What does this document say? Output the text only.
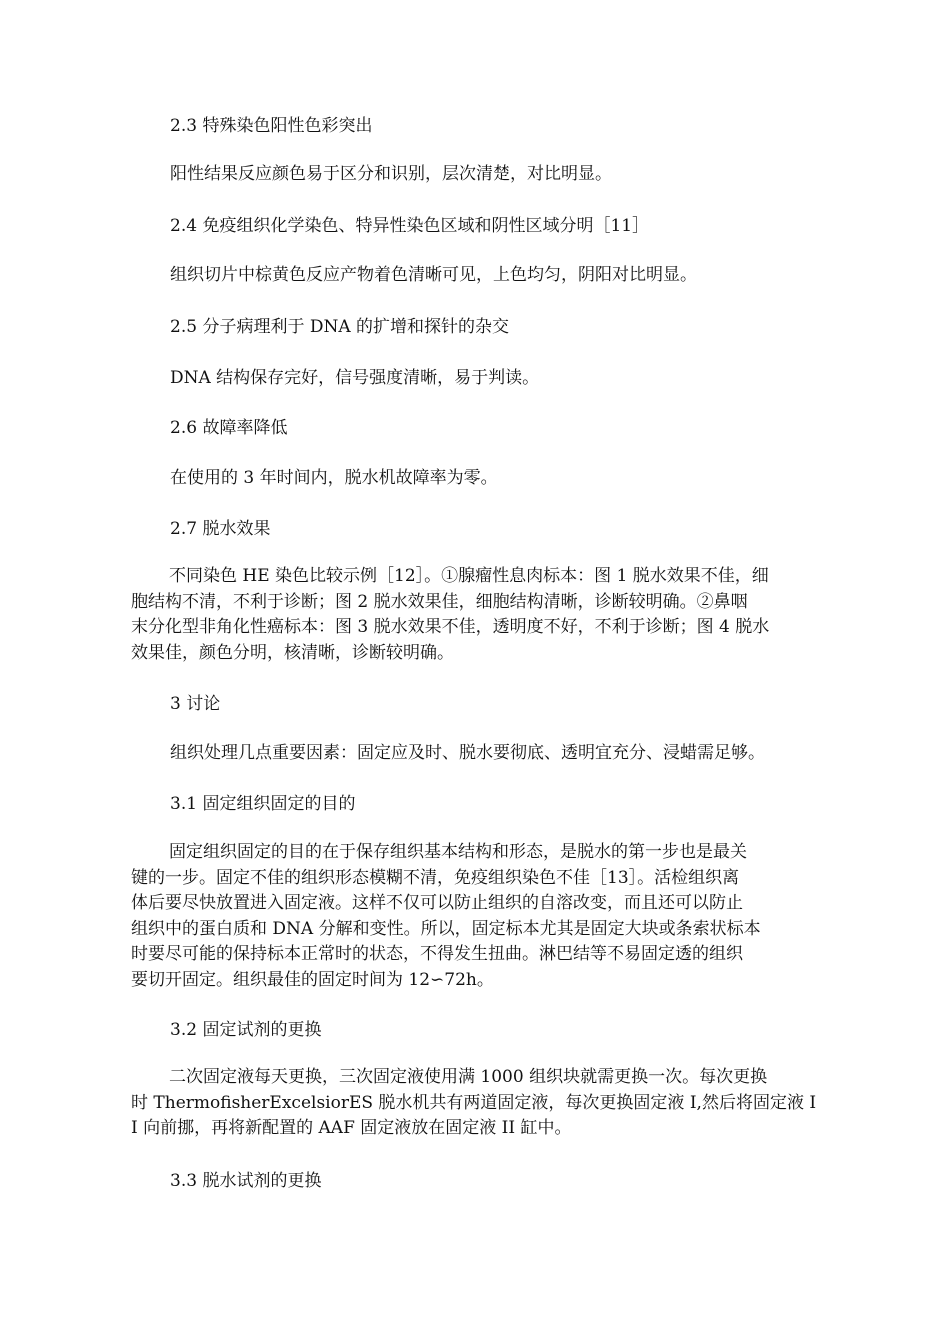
2.3 特殊染色阳性色彩突出
阳性结果反应颜色易于区分和识别，层次清楚，对比明显。
2.4 免疫组织化学染色、特异性染色区域和阴性区域分明［11］
组织切片中棕黄色反应产物着色清晰可见，上色均匀，阴阳对比明显。
2.5 分子病理利于 DNA 的扩增和探针的杂交
DNA 结构保存完好，信号强度清晰，易于判读。
2.6 故障率降低
在使用的 3 年时间内，脱水机故障率为零。
2.7 脱水效果
不同染色 HE 染色比较示例［12］。①腺瘤性息肉标本：图 1 脱水效果不佳，细
胞结构不清，不利于诊断；图 2 脱水效果佳，细胞结构清晰，诊断较明确。②鼻咽
末分化型非角化性癌标本：图 3 脱水效果不佳，透明度不好，不利于诊断；图 4 脱水
效果佳，颜色分明，核清晰，诊断较明确。
3 讨论
组织处理几点重要因素：固定应及时、脱水要彻底、透明宜充分、浸蜡需足够。
3.1 固定组织固定的目的
固定组织固定的目的在于保存组织基本结构和形态，是脱水的第一步也是最关
键的一步。固定不佳的组织形态模糊不清，免疫组织染色不佳［13］。活检组织离
体后要尽快放置进入固定液。这样不仅可以防止组织的自溶改变，而且还可以防止
组织中的蛋白质和 DNA 分解和变性。所以，固定标本尤其是固定大块或条索状标本
时要尽可能的保持标本正常时的状态，不得发生扭曲。淋巴结等不易固定透的组织
要切开固定。组织最佳的固定时间为 12∽72h。
3.2 固定试剂的更换
二次固定液每天更换，三次固定液使用满 1000 组织块就需更换一次。每次更换
时 ThermofisherExcelsiorES 脱水机共有两道固定液，每次更换固定液 I,然后将固定液 I
I 向前挪，再将新配置的 AAF 固定液放在固定液 II 缸中。
3.3 脱水试剂的更换
